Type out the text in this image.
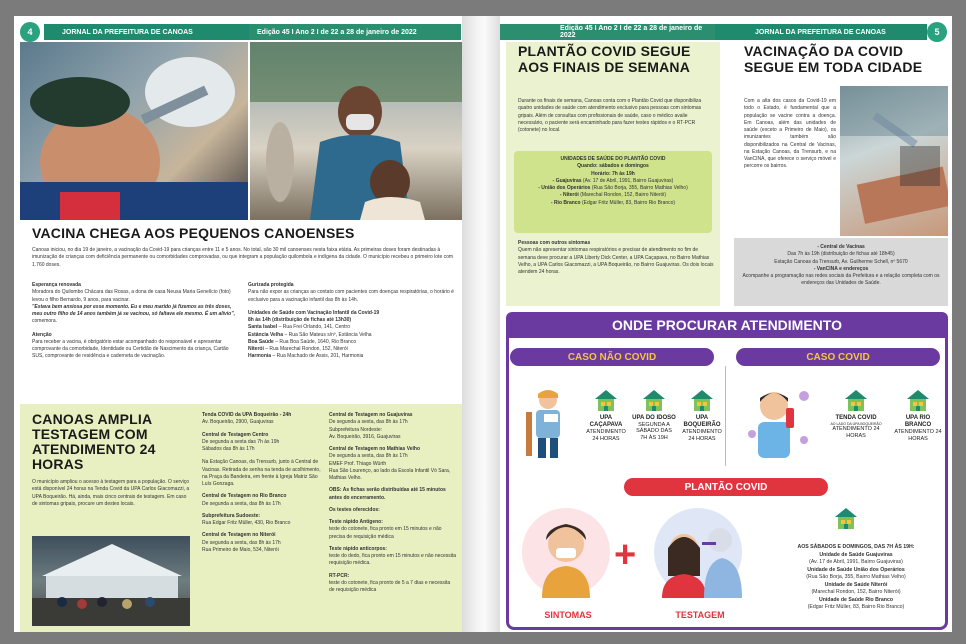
4	JORNAL DA PREFEITURA DE CANOAS	Edição 45 I Ano 2 I de 22 a 28 de janeiro de 2022
VACINA CHEGA AOS PEQUENOS CANOENSES
Canoas iniciou, no dia 19 de janeiro, a vacinação da Covid-19 para crianças entre 11 e 5 anos. No total, são 30 mil canoenses nesta faixa etária. As primeiras doses foram destinadas à imunização de crianças com deficiência permanente ou comorbidades comprovadas, ou que integram a população quilombola e indígena da cidade. O município recebeu o primeiro lote com 1.760 doses.
Esperança renovada
Moradora do Quilombo Chácara das Rosas, a dona de casa Neusa Maria Genelício (foto) levou o filho Bernardo, 9 anos, para vacinar.
"Estava bem ansiosa por esse momento. Eu e meu marido já fizemos as três doses, meu outro filho de 14 anos também já se vacinou, só faltava ele mesmo. É um alívio", comemora.
Atenção
Para receber a vacina, é obrigatório estar acompanhado do responsável e apresentar comprovante da comorbidade, Identidade ou Certidão de Nascimento da criança, Cartão SUS, comprovante de residência e caderneta de vacinação.
Gurizada protegida
Para não expor as crianças ao contato com pacientes com doenças respiratórias, o horário é exclusivo para a vacinação infantil das 8h às 14h.
Unidades de Saúde com Vacinação Infantil da Covid-19
8h às 14h (distribuição de fichas até 13h30)
Santa Isabel – Rua Frei Orlando, 141, Centro
Estância Velha – Rua São Mateus s/nº, Estância Velha
Boa Saúde – Rua Boa Saúde, 1640, Rio Branco
Niterói – Rua Marechal Rondon, 152, Niterói
Harmonia – Rua Machado de Assis, 201, Harmonia
CANOAS AMPLIA TESTAGEM COM ATENDIMENTO 24 HORAS
O município ampliou o acesso à testagem para a população. O serviço está disponível 24 horas na Tenda Covid da UPA Carlos Giacomazzi, a UPA Boqueirão. Há, ainda, mais cinco centrais de testagem. Em caso de sintomas gripais, procure um destes locais.
Tenda COVID da UPA Boqueirão - 24h
Av. Boqueirão, 2900, Guajuviras
Central de Testagem Centro
De segunda a sexta das 7h às 19h
Sábados das 8h às 17h
Na Estação Canoas, da Trensurb, junto à Central de Vacinas. Retirada de senha na tenda de acolhimento, na Praça da Bandeira, em frente à Igreja Matriz São Luís Gonzaga.
Central de Testagem no Rio Branco
De segunda a sexta, das 8h às 17h
Subprefeitura Sudoeste:
Rua Edgar Fritz Müller, 430, Rio Branco
Central de Testagem no Niterói
De segunda a sexta, das 8h às 17h
Rua Primeiro de Maio, 534, Niterói
Central de Testagem no Guajuviras
De segunda a sexta, das 8h às 17h
Subprefeitura Nordeste:
Av. Boqueirão, 3916, Guajuviras
Central de Testagem no Mathias Velho
De segunda a sexta, das 8h às 17h
EMEF Prof. Thiago Würth
Rua São Lourenço, ao lado da Escola Infantil Vó Sara, Mathias Velho.
OBS: As fichas serão distribuídas até 15 minutos antes do encerramento.
Os testes oferecidos:
Teste rápido Antígeno:
teste do cotonete, fica pronto em 15 minutos e não precisa de requisição médica
Teste rápido anticorpos:
teste do dedo, fica pronto em 15 minutos e não necessita requisição médica.
RT-PCR:
teste do cotonete, fica pronto de 5 a 7 dias e necessita de requisição médica
Edição 45 I Ano 2 I de 22 a 28 de janeiro de 2022	JORNAL DA PREFEITURA DE CANOAS	5
PLANTÃO COVID SEGUE AOS FINAIS DE SEMANA
Durante os finais de semana, Canoas conta com o Plantão Covid que disponibiliza quatro unidades de saúde com atendimento exclusivo para pessoas com sintomas gripais. Além de consultas com profissionais de saúde, caso o médico avalie necessário, o paciente será encaminhado para fazer testes rápidos e o RT-PCR (cotonete) no local.
UNIDADES DE SAÚDE DO PLANTÃO COVID
Quando: sábados e domingos
Horário: 7h às 19h
- Guajuviras (Av. 17 de Abril, 1991, Bairro Guajuviras)
- União dos Operários (Rua São Borja, 355, Bairro Mathias Velho)
- Niterói (Marechal Rondon, 152, Bairro Niterói)
- Rio Branco (Edgar Fritz Müller, 83, Bairro Rio Branco)
Pessoas com outros sintomas
Quem não apresentar sintomas respiratórios e precisar de atendimento no fim de semana deve procurar a UPA Liberty Dick Center, a UPA Caçapava, no Bairro Mathias Velho, a UPA Carlos Giacomazzi, a UPA Boqueirão, no Bairro Guajuviras. Os dois locais atendem 24 horas.
VACINAÇÃO DA COVID SEGUE EM TODA CIDADE
Com a alta dos casos da Covid-19 em todo o Estado, é fundamental que a população se vacine contra a doença. Em Canoas, além das unidades de saúde (exceto a Primeiro de Maio), os imunizantes também são disponibilizados na Central de Vacinas, na Estação Canoas, da Trensurb, e na VanCINA, que oferece o serviço móvel e percorre os bairros.
- Central de Vacinas
Das 7h às 19h (distribuição de fichas até 18h45)
Estação Canoas da Trensurb, Av. Guilherme Schell, nº 5670
- VanCINA e endereços
Acompanhe a programação nas redes sociais da Prefeitura e a relação completa com os endereços das Unidades de Saúde.
ONDE PROCURAR ATENDIMENTO
CASO NÃO COVID	CASO COVID
UPA CAÇAPAVA
ATENDIMENTO 24 HORAS
UPA DO IDOSO
SEGUNDA A SÁBADO DAS 7H ÀS 19H
UPA BOQUEIRÃO
ATENDIMENTO 24 HORAS
TENDA COVID
AO LADO DA UPA BOQUEIRÃO
ATENDIMENTO 24 HORAS
UPA RIO BRANCO
ATENDIMENTO 24 HORAS
PLANTÃO COVID
+
SINTOMAS	TESTAGEM
AOS SÁBADOS E DOMINGOS, DAS 7H ÀS 19H:
Unidade de Saúde Guajuviras
(Av. 17 de Abril, 1991, Bairro Guajuviras)
Unidade de Saúde União dos Operários
(Rua São Borja, 355, Bairro Mathias Velho)
Unidade de Saúde Niterói
(Marechal Rondon, 152, Bairro Niterói)
Unidade de Saúde Rio Branco
(Edgar Fritz Müller, 83, Bairro Rio Branco)
